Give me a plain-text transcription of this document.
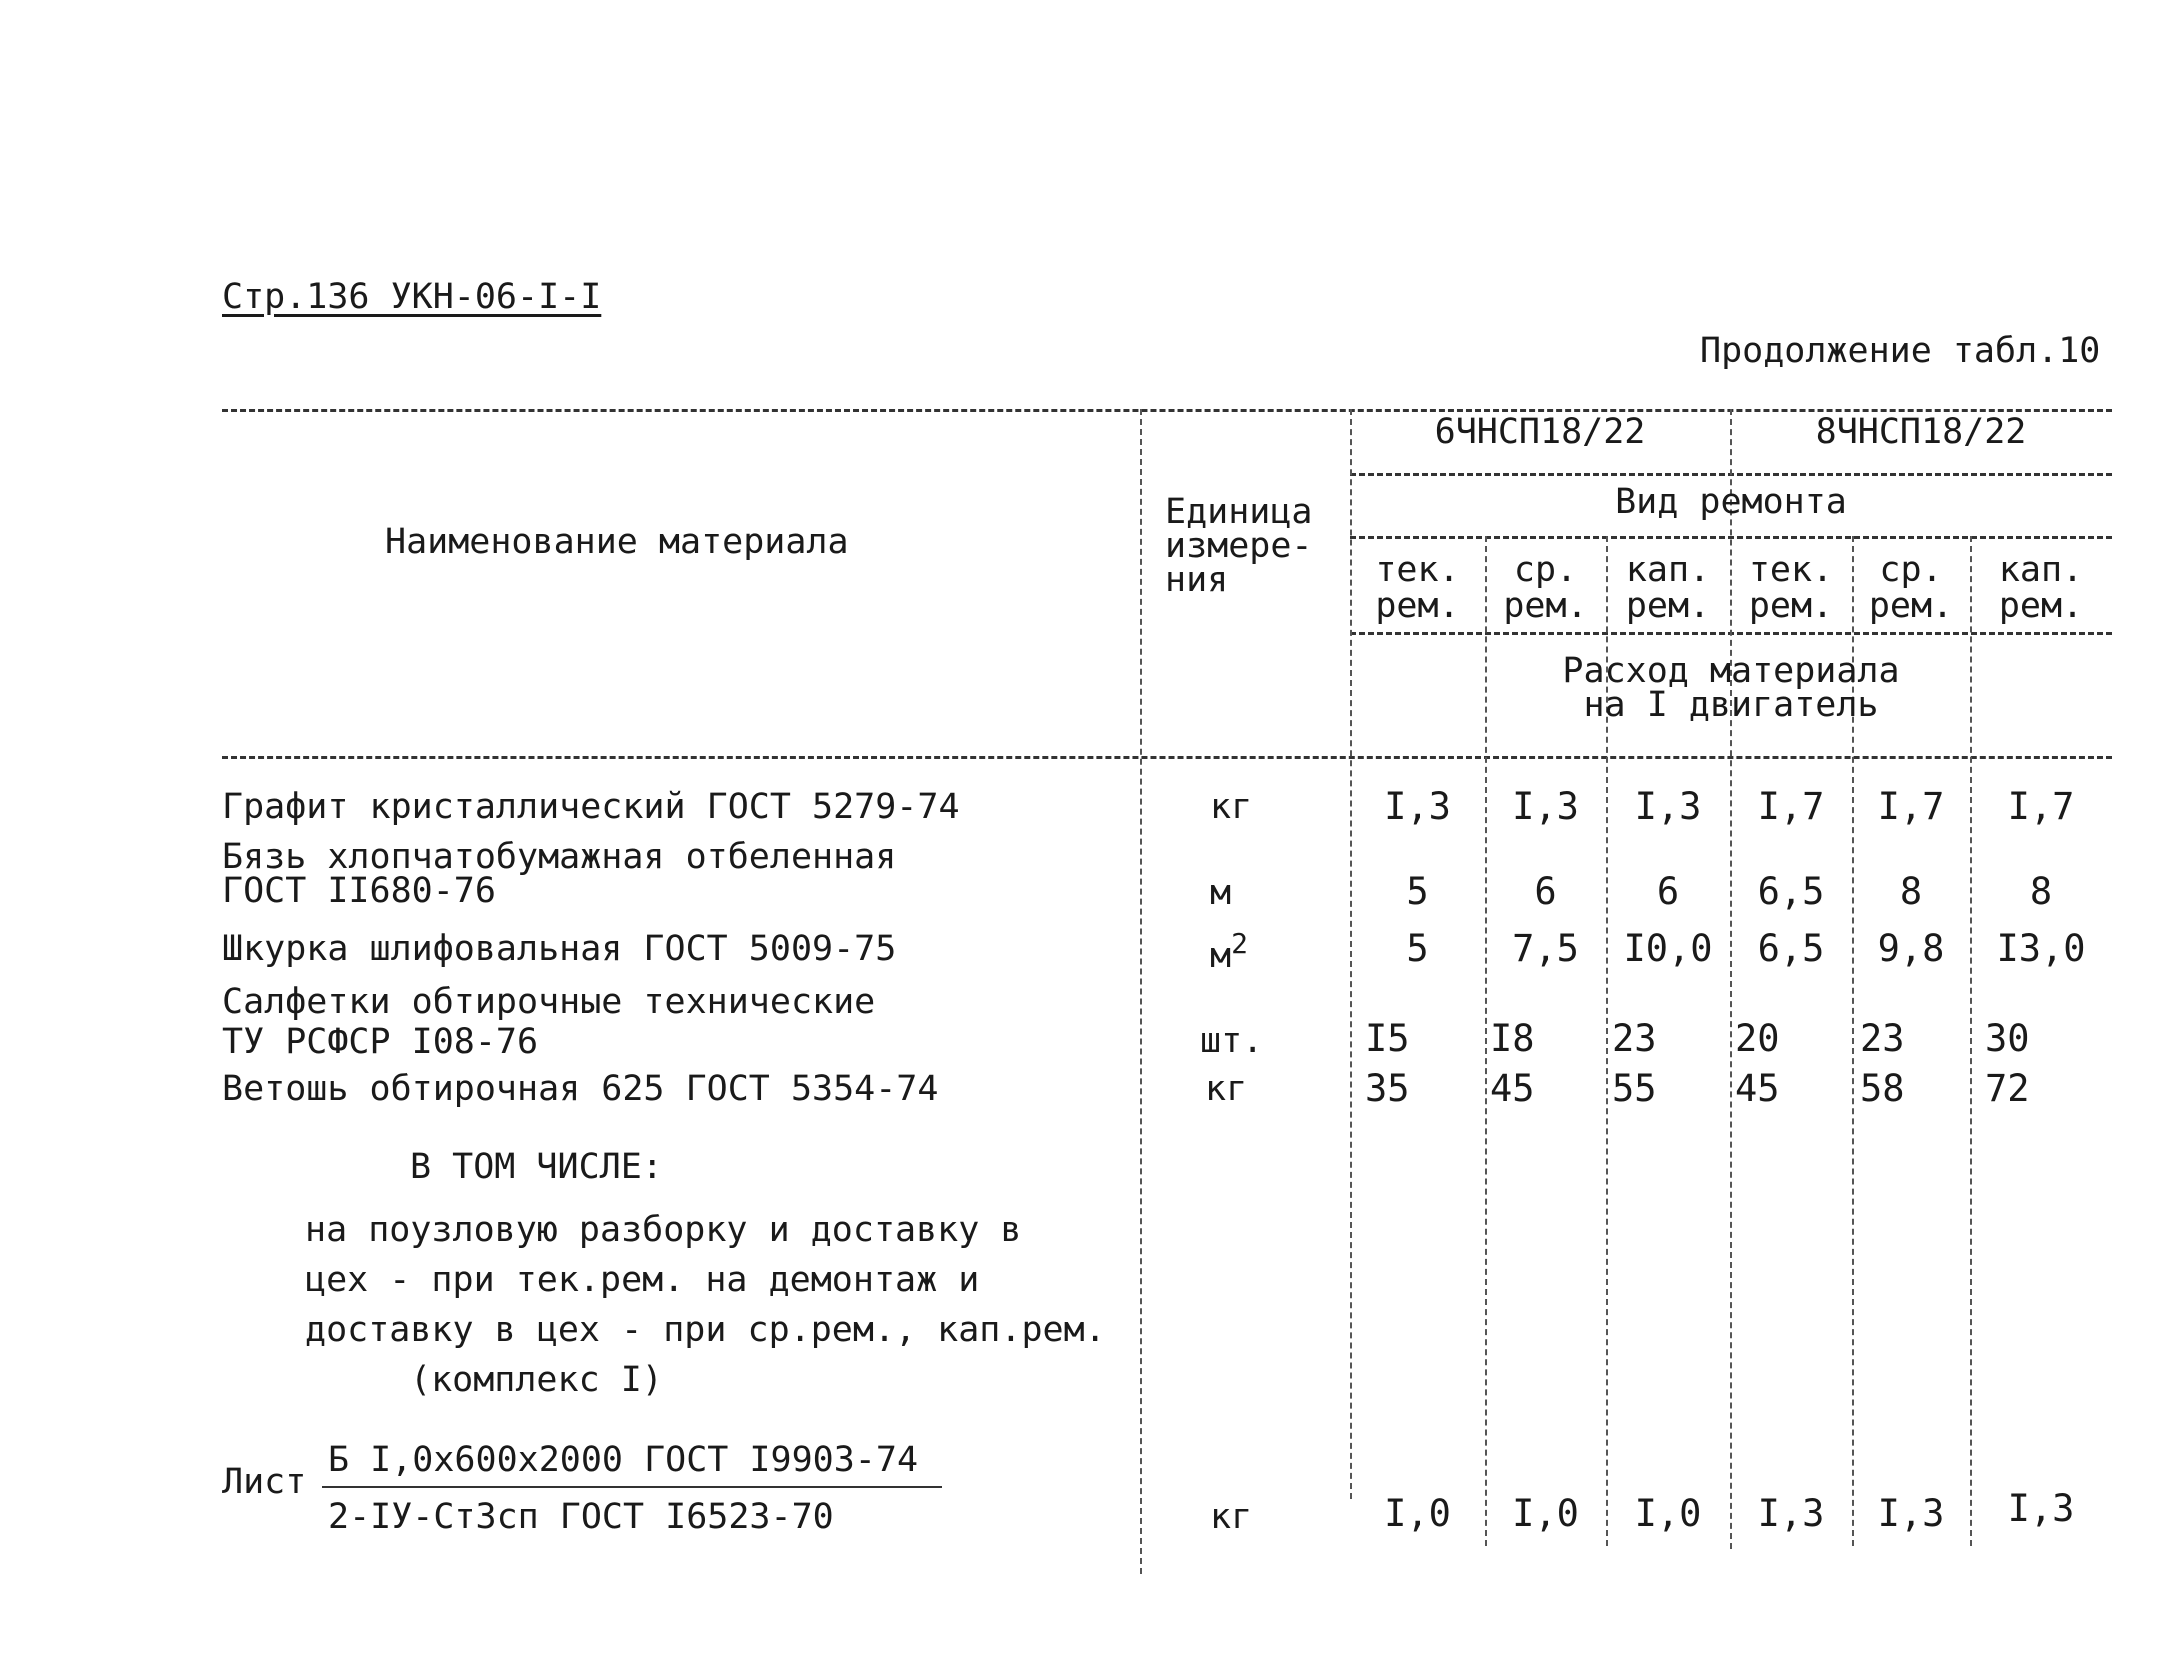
Стр.136 УКН-06-I-I
Продолжение табл.10
Наименование материала
Единица
измере-
ния
6ЧНСП18/22	8ЧНСП18/22
Вид ремонта
тек.
рем.
ср.
рем.
кап.
рем.
тек.
рем.
ср.
рем.
кап.
рем.
Расход материала
на I двигатель
Графит кристаллический ГОСТ 5279-74	кг	I,3	I,3	I,3	I,7	I,7	I,7
Бязь хлопчатобумажная отбеленная
ГОСТ II680-76	м	5	6	6	6,5	8	8
Шкурка шлифовальная ГОСТ 5009-75	$м^2$	5	7,5	I0,0	6,5	9,8	I3,0
Салфетки обтирочные технические
ТУ РСФСР I08-76	шт.	I5 I8 23 20 23 30
Ветошь обтирочная 625 ГОСТ 5354-74	кг	35 45 55 45 58 72
В ТОМ ЧИСЛЕ:
на поузловую разборку и доставку в
цех - при тек.рем. на демонтаж и
доставку в цех - при ср.рем., кап.рем.
(комплекс I)
Лист
Б I,0х600х2000 ГОСТ I9903-74
2-IУ-Ст3сп ГОСТ I6523-70	кг	I,0	I,0	I,0	I,3	I,3	I,3
